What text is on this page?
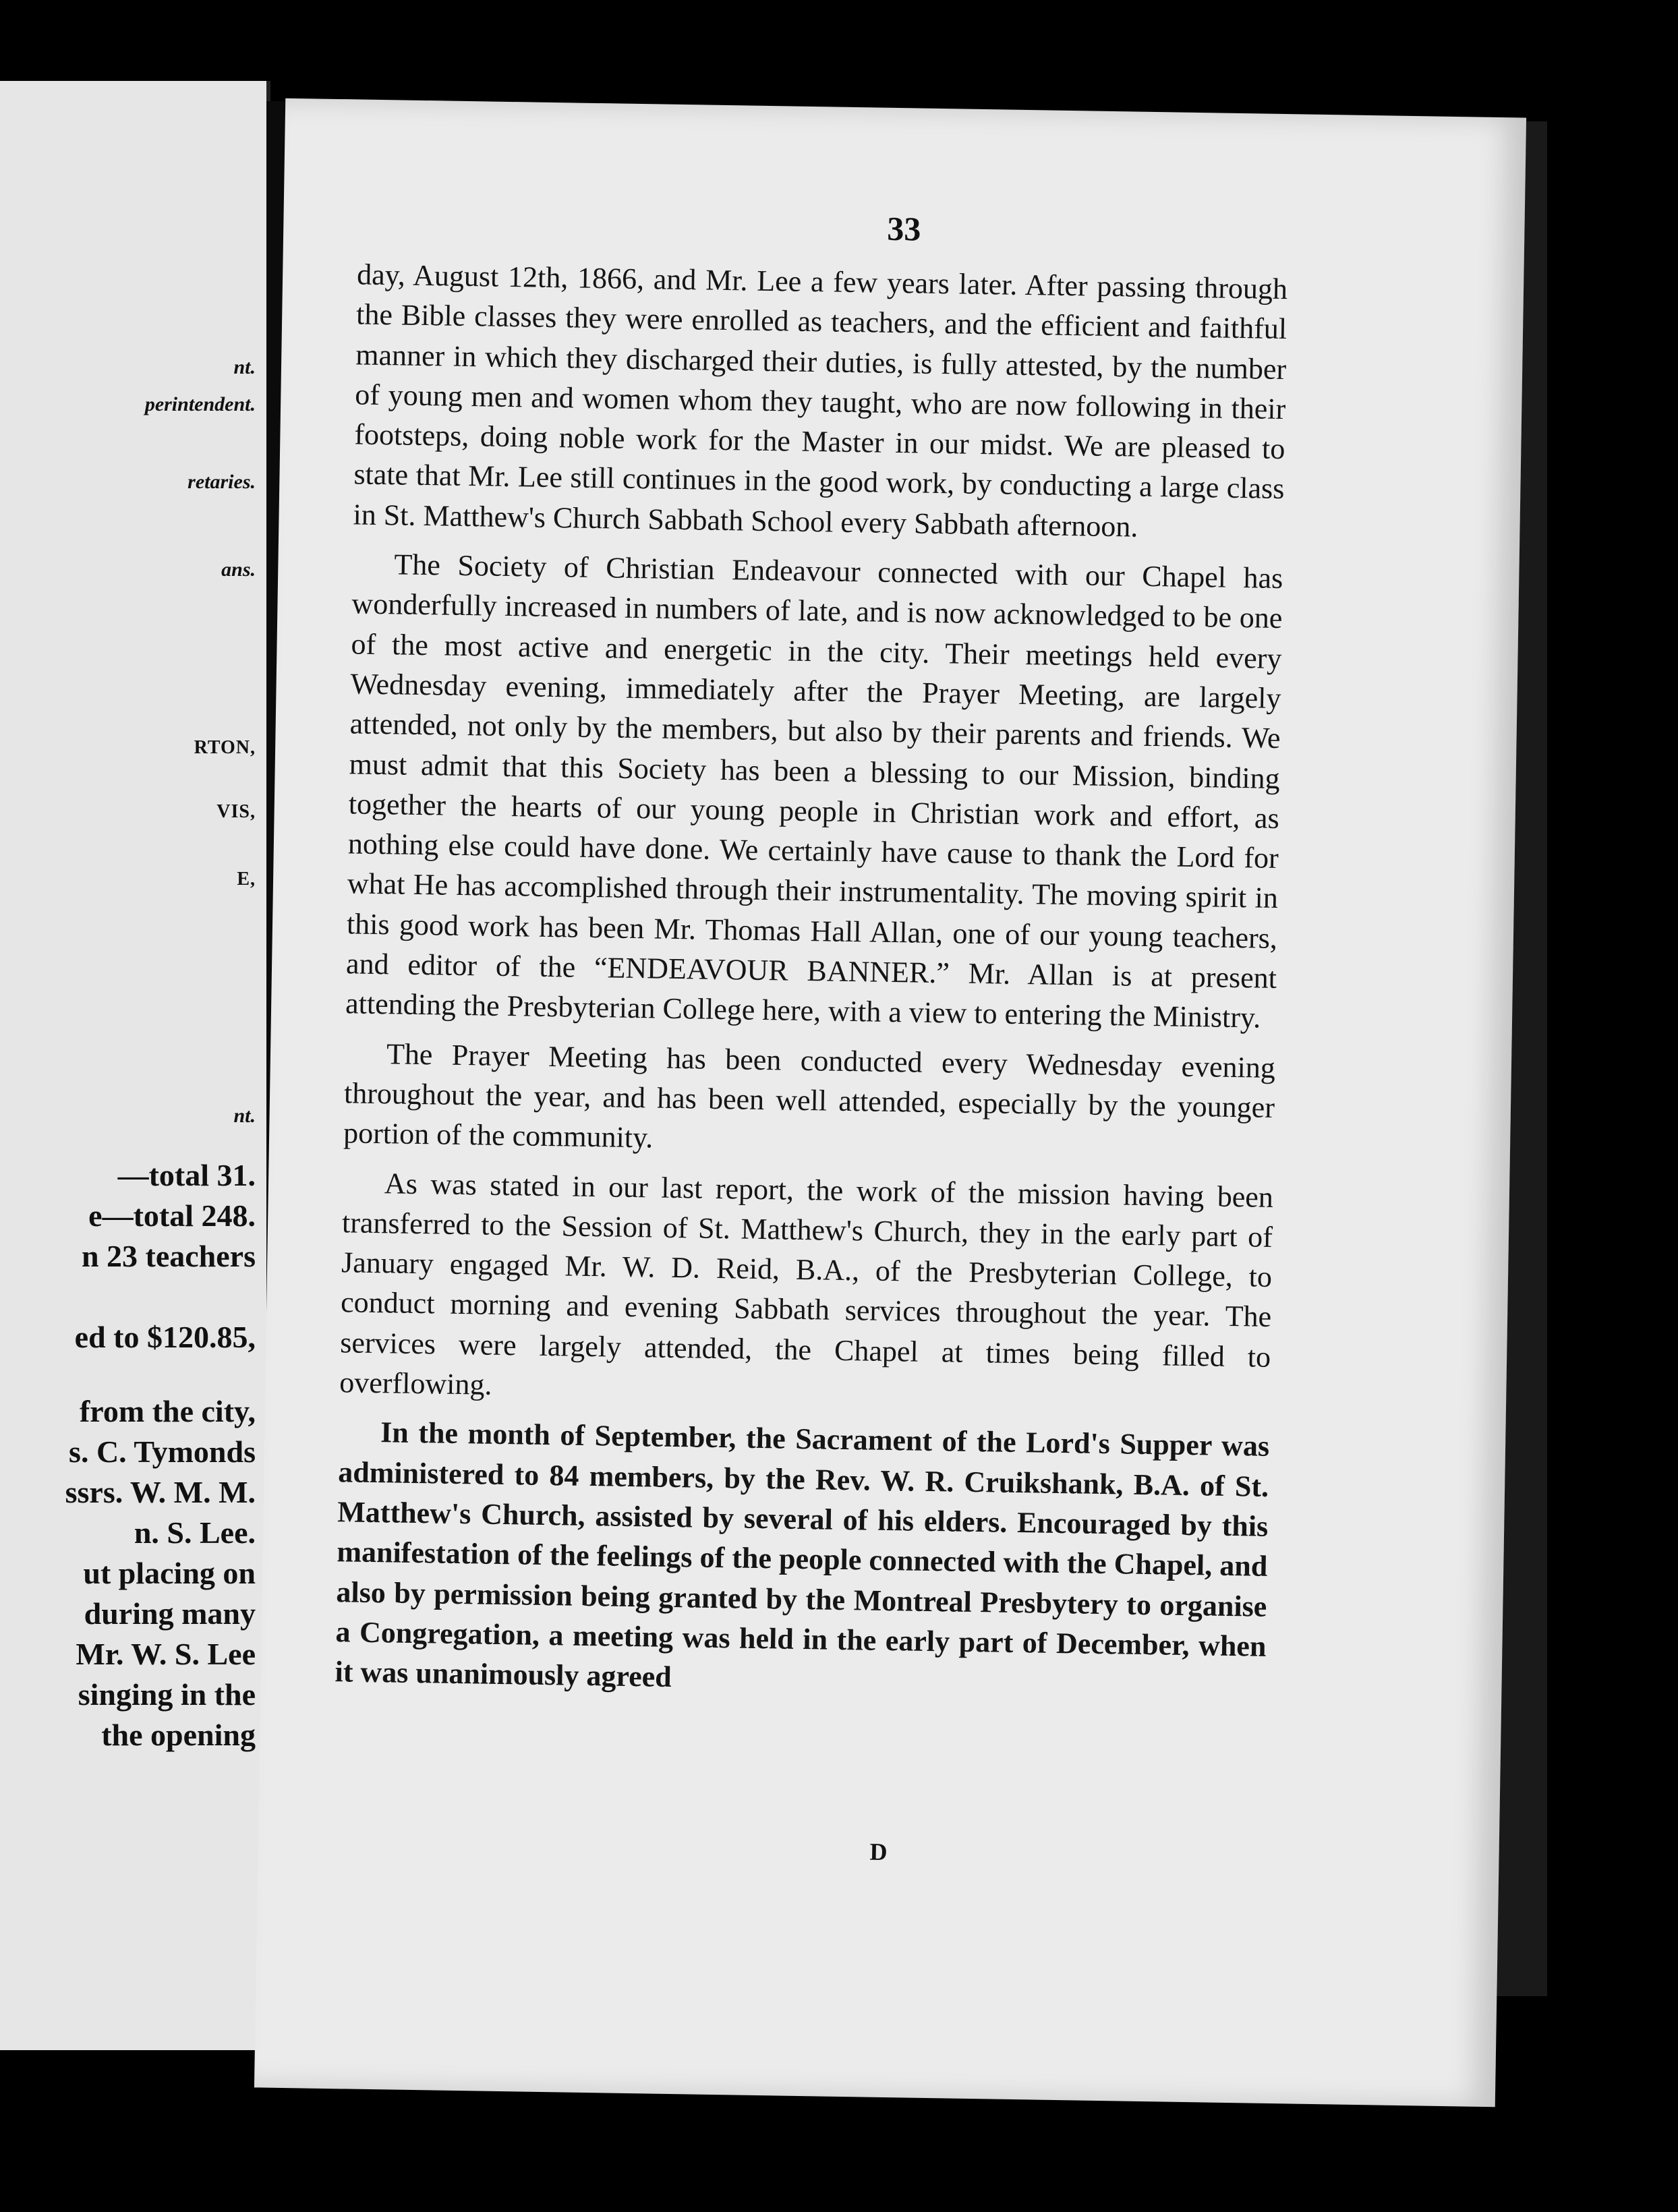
nt.

perintendent.

retaries.

ans.

RTON,

VIS,

E,

nt.

—total 31.

e—total 248.

n 23 teachers

ed to $120.85,

from the city,

s. C. Tymonds

ssrs. W. M. M.

n. S. Lee.

ut placing on

during many

Mr. W. S. Lee

singing in the

the opening

33

day, August 12th, 1866, and Mr. Lee a few years later. After passing through the Bible classes they were enrolled as teachers, and the efficient and faithful manner in which they discharged their duties, is fully attested, by the number of young men and women whom they taught, who are now following in their footsteps, doing noble work for the Master in our midst. We are pleased to state that Mr. Lee still continues in the good work, by conducting a large class in St. Matthew's Church Sabbath School every Sabbath afternoon.

The Society of Christian Endeavour connected with our Chapel has wonderfully increased in numbers of late, and is now acknowledged to be one of the most active and energetic in the city. Their meetings held every Wednesday evening, immediately after the Prayer Meeting, are largely attended, not only by the members, but also by their parents and friends. We must admit that this Society has been a blessing to our Mission, binding together the hearts of our young people in Christian work and effort, as nothing else could have done. We certainly have cause to thank the Lord for what He has accomplished through their instrumentality. The moving spirit in this good work has been Mr. Thomas Hall Allan, one of our young teachers, and editor of the “ENDEAVOUR BANNER.” Mr. Allan is at present attending the Presbyterian College here, with a view to entering the Ministry.

The Prayer Meeting has been conducted every Wednesday evening throughout the year, and has been well attended, especially by the younger portion of the community.

As was stated in our last report, the work of the mission having been transferred to the Session of St. Matthew's Church, they in the early part of January engaged Mr. W. D. Reid, B.A., of the Presbyterian College, to conduct morning and evening Sabbath services throughout the year. The services were largely attended, the Chapel at times being filled to overflowing.

In the month of September, the Sacrament of the Lord's Supper was administered to 84 members, by the Rev. W. R. Cruikshank, B.A. of St. Matthew's Church, assisted by several of his elders. Encouraged by this manifestation of the feelings of the people connected with the Chapel, and also by permission being granted by the Montreal Presbytery to organise a Congregation, a meeting was held in the early part of December, when it was unanimously agreed

D
